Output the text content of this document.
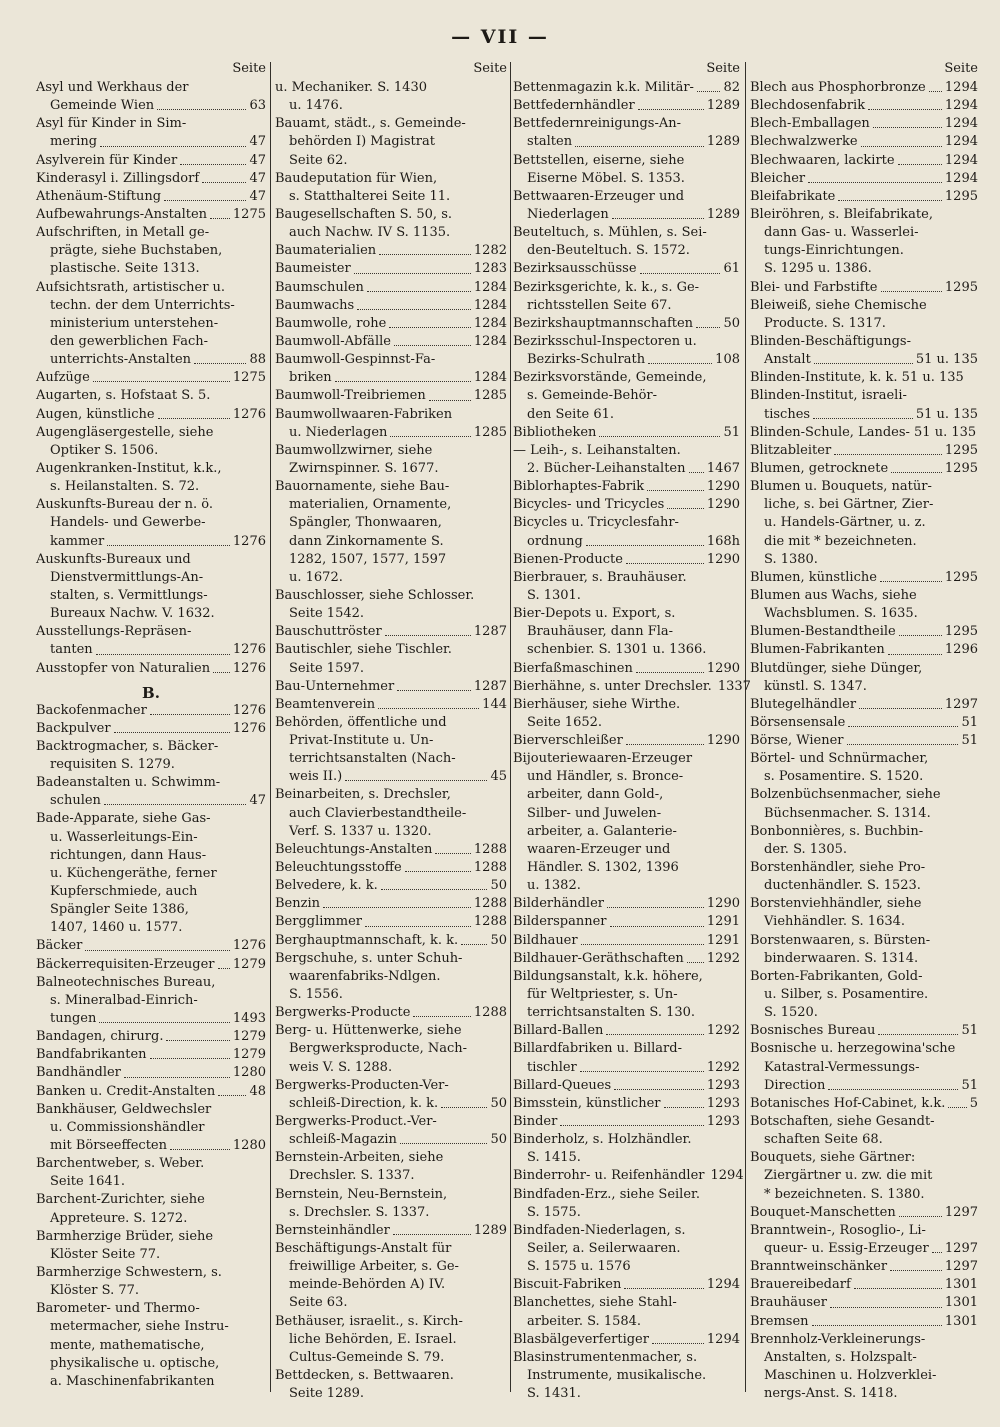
— VII —
Seite
Asyl und Werkhaus der
Gemeinde Wien	63
Asyl für Kinder in Sim-
mering	47
Asylverein für Kinder	47
Kinderasyl i. Zillingsdorf	47
Athenäum-Stiftung	47
Aufbewahrungs-Anstalten 1275
Aufschriften, in Metall ge-
prägte, siehe Buchstaben,
plastische. Seite 1313.
Aufsichtsrath, artistischer u.
techn. der dem Unterrichts-
ministerium unterstehen-
den gewerblichen Fach-
unterrichts-Anstalten	88
Aufzüge	1275
Augarten, s. Hofstaat S. 5.
Augen, künstliche	1276
Augengläsergestelle, siehe
Optiker S. 1506.
Augenkranken-Institut, k.k.,
s. Heilanstalten. S. 72.
Auskunfts-Bureau der n. ö.
Handels- und Gewerbe-
kammer	1276
Auskunfts-Bureaux und
Dienstvermittlungs-An-
stalten, s. Vermittlungs-
Bureaux Nachw. V. 1632.
Ausstellungs-Repräsen-
tanten	1276
Ausstopfer von Naturalien 1276
B.
Backofenmacher	1276
Backpulver	1276
Backtrogmacher, s. Bäcker-
requisiten S. 1279.
Badeanstalten u. Schwimm-
schulen	47
Bade-Apparate, siehe Gas-
u. Wasserleitungs-Ein-
richtungen, dann Haus-
u. Küchengeräthe, ferner
Kupferschmiede, auch
Spängler Seite 1386,
1407, 1460 u. 1577.
Bäcker	1276
Bäckerrequisiten-Erzeuger 1279
Balneotechnisches Bureau,
s. Mineralbad-Einrich-
tungen	1493
Bandagen, chirurg.	1279
Bandfabrikanten	1279
Bandhändler	1280
Banken u. Credit-Anstalten	48
Bankhäuser, Geldwechsler
u. Commissionshändler
mit Börseeffecten	1280
Barchentweber, s. Weber.
Seite 1641.
Barchent-Zurichter, siehe
Appreteure. S. 1272.
Barmherzige Brüder, siehe
Klöster Seite 77.
Barmherzige Schwestern, s.
Klöster S. 77.
Barometer- und Thermo-
metermacher, siehe Instru-
mente, mathematische,
physikalische u. optische,
a. Maschinenfabrikanten
Seite
u. Mechaniker. S. 1430
u. 1476.
Bauamt, städt., s. Gemeinde-
behörden I) Magistrat
Seite 62.
Baudeputation für Wien,
s. Statthalterei Seite 11.
Baugesellschaften S. 50, s.
auch Nachw. IV S. 1135.
Baumaterialien	1282
Baumeister	1283
Baumschulen	1284
Baumwachs	1284
Baumwolle, rohe	1284
Baumwoll-Abfälle	1284
Baumwoll-Gespinnst-Fa-
briken	1284
Baumwoll-Treibriemen	1285
Baumwollwaaren-Fabriken
u. Niederlagen	1285
Baumwollzwirner, siehe
Zwirnspinner. S. 1677.
Bauornamente, siehe Bau-
materialien, Ornamente,
Spängler, Thonwaaren,
dann Zinkornamente S.
1282, 1507, 1577, 1597
u. 1672.
Bauschlosser, siehe Schlosser.
Seite 1542.
Bauschuttröster	1287
Bautischler, siehe Tischler.
Seite 1597.
Bau-Unternehmer	1287
Beamtenverein	144
Behörden, öffentliche und
Privat-Institute u. Un-
terrichtsanstalten (Nach-
weis II.)	45
Beinarbeiten, s. Drechsler,
auch Clavierbestandtheile-
Verf. S. 1337 u. 1320.
Beleuchtungs-Anstalten	1288
Beleuchtungsstoffe	1288
Belvedere, k. k.	50
Benzin	1288
Bergglimmer	1288
Berghauptmannschaft, k. k. 50
Bergschuhe, s. unter Schuh-
waarenfabriks-Ndlgen.
S. 1556.
Bergwerks-Producte	1288
Berg- u. Hüttenwerke, siehe
Bergwerksproducte, Nach-
weis V. S. 1288.
Bergwerks-Producten-Ver-
schleiß-Direction, k. k.	50
Bergwerks-Product.-Ver-
schleiß-Magazin	50
Bernstein-Arbeiten, siehe
Drechsler. S. 1337.
Bernstein, Neu-Bernstein,
s. Drechsler. S. 1337.
Bernsteinhändler	1289
Beschäftigungs-Anstalt für
freiwillige Arbeiter, s. Ge-
meinde-Behörden A) IV.
Seite 63.
Bethäuser, israelit., s. Kirch-
liche Behörden, E. Israel.
Cultus-Gemeinde S. 79.
Bettdecken, s. Bettwaaren.
Seite 1289.
Seite
Bettenmagazin k.k. Militär- 82
Bettfedernhändler	1289
Bettfedernreinigungs-An-
stalten	1289
Bettstellen, eiserne, siehe
Eiserne Möbel. S. 1353.
Bettwaaren-Erzeuger und
Niederlagen	1289
Beuteltuch, s. Mühlen, s. Sei-
den-Beuteltuch. S. 1572.
Bezirksausschüsse	61
Bezirksgerichte, k. k., s. Ge-
richtsstellen Seite 67.
Bezirkshauptmannschaften 50
Bezirksschul-Inspectoren u.
Bezirks-Schulrath	108
Bezirksvorstände, Gemeinde,
s. Gemeinde-Behör-
den Seite 61.
Bibliotheken	51
— Leih-, s. Leihanstalten.
2. Bücher-Leihanstalten 1467
Biblorhaptes-Fabrik	1290
Bicycles- und Tricycles	1290
Bicycles u. Tricyclesfahr-
ordnung	168h
Bienen-Producte	1290
Bierbrauer, s. Brauhäuser.
S. 1301.
Bier-Depots u. Export, s.
Brauhäuser, dann Fla-
schenbier. S. 1301 u. 1366.
Bierfaßmaschinen	1290
Bierhähne, s. unter Drechsler. 1337
Bierhäuser, siehe Wirthe.
Seite 1652.
Bierverschleißer	1290
Bijouteriewaaren-Erzeuger
und Händler, s. Bronce-
arbeiter, dann Gold-,
Silber- und Juwelen-
arbeiter, a. Galanterie-
waaren-Erzeuger und
Händler. S. 1302, 1396
u. 1382.
Bilderhändler	1290
Bilderspanner	1291
Bildhauer	1291
Bildhauer-Geräthschaften 1292
Bildungsanstalt, k.k. höhere,
für Weltpriester, s. Un-
terrichtsanstalten S. 130.
Billard-Ballen	1292
Billardfabriken u. Billard-
tischler	1292
Billard-Queues	1293
Bimsstein, künstlicher	1293
Binder	1293
Binderholz, s. Holzhändler.
S. 1415.
Binderrohr- u. Reifenhändler 1294
Bindfaden-Erz., siehe Seiler.
S. 1575.
Bindfaden-Niederlagen, s.
Seiler, a. Seilerwaaren.
S. 1575 u. 1576
Biscuit-Fabriken	1294
Blanchettes, siehe Stahl-
arbeiter. S. 1584.
Blasbälgeverfertiger	1294
Blasinstrumentenmacher, s.
Instrumente, musikalische.
S. 1431.
Seite
Blech aus Phosphorbronze 1294
Blechdosenfabrik	1294
Blech-Emballagen	1294
Blechwalzwerke	1294
Blechwaaren, lackirte	1294
Bleicher	1294
Bleifabrikate	1295
Bleiröhren, s. Bleifabrikate,
dann Gas- u. Wasserlei-
tungs-Einrichtungen.
S. 1295 u. 1386.
Blei- und Farbstifte	1295
Bleiweiß, siehe Chemische
Producte. S. 1317.
Blinden-Beschäftigungs-
Anstalt	51 u. 135
Blinden-Institute, k. k. 51 u. 135
Blinden-Institut, israeli-
tisches	51 u. 135
Blinden-Schule, Landes- 51 u. 135
Blitzableiter	1295
Blumen, getrocknete	1295
Blumen u. Bouquets, natür-
liche, s. bei Gärtner, Zier-
u. Handels-Gärtner, u. z.
die mit * bezeichneten.
S. 1380.
Blumen, künstliche	1295
Blumen aus Wachs, siehe
Wachsblumen. S. 1635.
Blumen-Bestandtheile	1295
Blumen-Fabrikanten	1296
Blutdünger, siehe Dünger,
künstl. S. 1347.
Blutegelhändler	1297
Börsensensale	51
Börse, Wiener	51
Börtel- und Schnürmacher,
s. Posamentire. S. 1520.
Bolzenbüchsenmacher, siehe
Büchsenmacher. S. 1314.
Bonbonnières, s. Buchbin-
der. S. 1305.
Borstenhändler, siehe Pro-
ductenhändler. S. 1523.
Borstenviehhändler, siehe
Viehhändler. S. 1634.
Borstenwaaren, s. Bürsten-
binderwaaren. S. 1314.
Borten-Fabrikanten, Gold-
u. Silber, s. Posamentire.
S. 1520.
Bosnisches Bureau	51
Bosnische u. herzegowina'sche
Katastral-Vermessungs-
Direction	51
Botanisches Hof-Cabinet, k.k. 5
Botschaften, siehe Gesandt-
schaften Seite 68.
Bouquets, siehe Gärtner:
Ziergärtner u. zw. die mit
* bezeichneten. S. 1380.
Bouquet-Manschetten	1297
Branntwein-, Rosoglio-, Li-
queur- u. Essig-Erzeuger 1297
Branntweinschänker	1297
Brauereibedarf	1301
Brauhäuser	1301
Bremsen	1301
Brennholz-Verkleinerungs-
Anstalten, s. Holzspalt-
Maschinen u. Holzverklei-
nergs-Anst. S. 1418.
